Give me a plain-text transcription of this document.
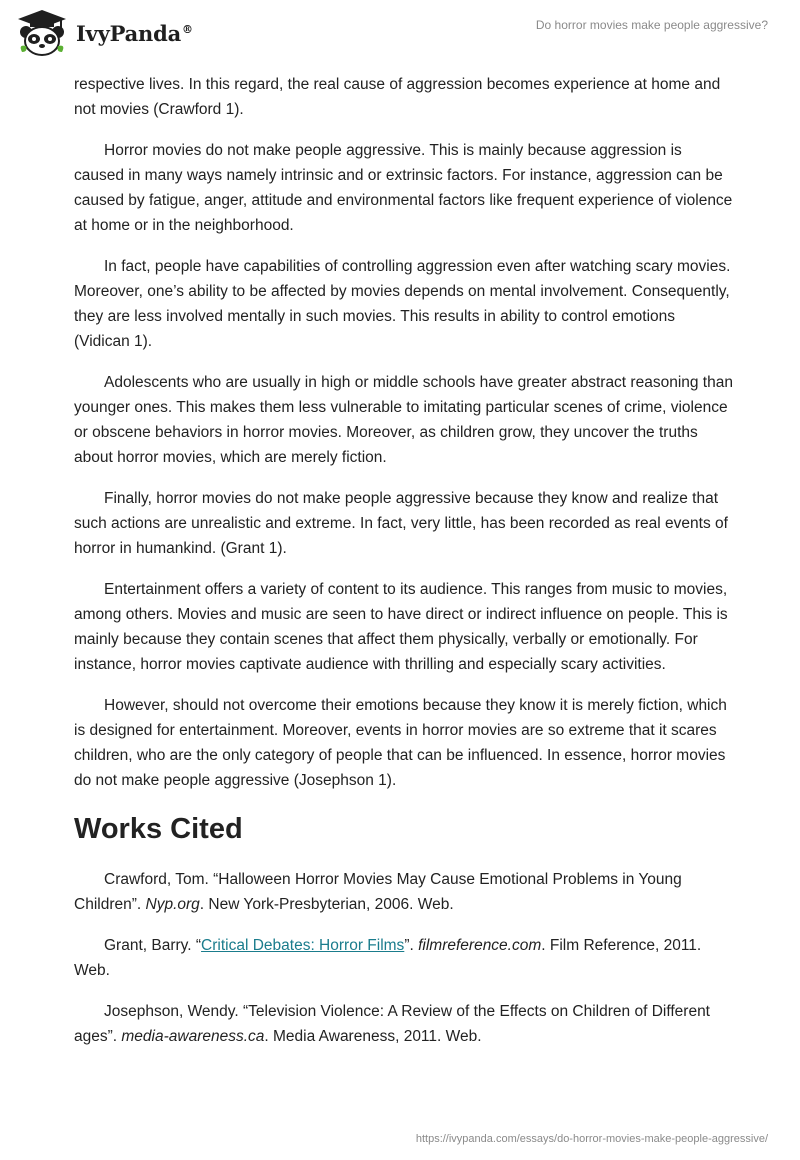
IvyPanda®	Do horror movies make people aggressive?

respective lives. In this regard, the real cause of aggression becomes experience at home and not movies (Crawford 1).

Horror movies do not make people aggressive. This is mainly because aggression is caused in many ways namely intrinsic and or extrinsic factors. For instance, aggression can be caused by fatigue, anger, attitude and environmental factors like frequent experience of violence at home or in the neighborhood.

In fact, people have capabilities of controlling aggression even after watching scary movies. Moreover, one’s ability to be affected by movies depends on mental involvement. Consequently, they are less involved mentally in such movies. This results in ability to control emotions (Vidican 1).

Adolescents who are usually in high or middle schools have greater abstract reasoning than younger ones. This makes them less vulnerable to imitating particular scenes of crime, violence or obscene behaviors in horror movies. Moreover, as children grow, they uncover the truths about horror movies, which are merely fiction.

Finally, horror movies do not make people aggressive because they know and realize that such actions are unrealistic and extreme. In fact, very little, has been recorded as real events of horror in humankind. (Grant 1).

Entertainment offers a variety of content to its audience. This ranges from music to movies, among others. Movies and music are seen to have direct or indirect influence on people. This is mainly because they contain scenes that affect them physically, verbally or emotionally. For instance, horror movies captivate audience with thrilling and especially scary activities.

However, should not overcome their emotions because they know it is merely fiction, which is designed for entertainment. Moreover, events in horror movies are so extreme that it scares children, who are the only category of people that can be influenced. In essence, horror movies do not make people aggressive (Josephson 1).

Works Cited

Crawford, Tom. “Halloween Horror Movies May Cause Emotional Problems in Young Children”. Nyp.org. New York-Presbyterian, 2006. Web.

Grant, Barry. “Critical Debates: Horror Films”. filmreference.com. Film Reference, 2011. Web.

Josephson, Wendy. “Television Violence: A Review of the Effects on Children of Different ages”. media-awareness.ca. Media Awareness, 2011. Web.

https://ivypanda.com/essays/do-horror-movies-make-people-aggressive/
